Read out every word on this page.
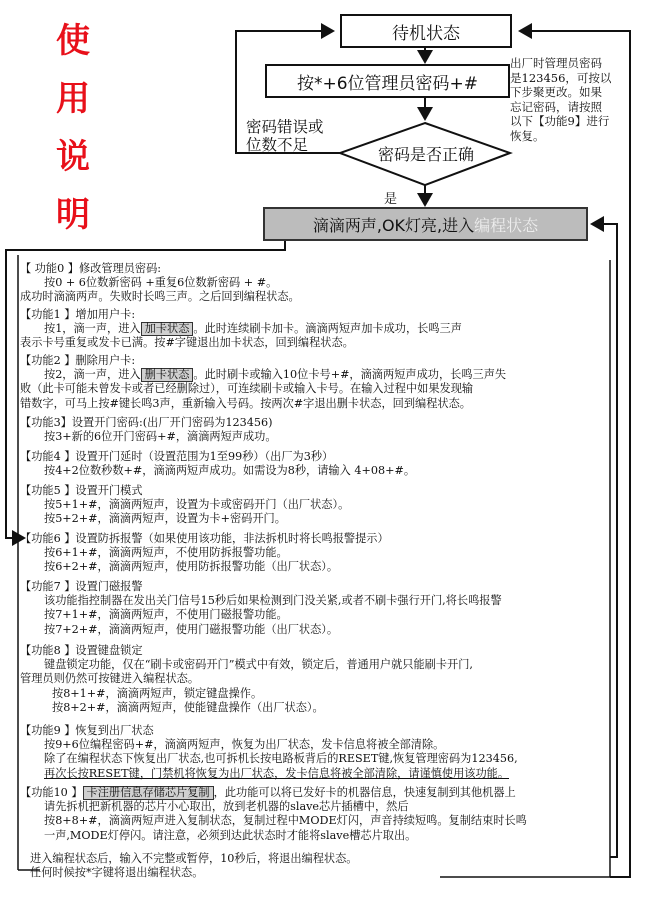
使
用
说
明
待机状态
按*+6位管理员密码+#
密码是否正确
密码错误或
位数不足
是
滴滴两声,OK灯亮,进入 编程状态
出厂时管理员密码
是123456，可按以
下步聚更改。如果
忘记密码，请按照
以下【功能9】进行
恢复。

【 功能0 】修改管理员密码:

按0 + 6位数新密码 +重复6位数新密码 + #。

成功时滴滴两声。失败时长鸣三声。之后回到编程状态。

【功能1 】增加用户卡:

按1，滴一声，进入 加卡状态 。此时连续刷卡加卡。滴滴两短声加卡成功，长鸣三声

表示卡号重复或发卡已满。按#字键退出加卡状态，回到编程状态。

【功能2 】删除用户卡:

按2，滴一声，进入 删卡状态 。此时刷卡或输入10位卡号+#，滴滴两短声成功，长鸣三声失

败（此卡可能未曾发卡或者已经删除过），可连续刷卡或输入卡号。在输入过程中如果发现输

错数字，可马上按#键长鸣3声，重新输入号码。按两次#字退出删卡状态，回到编程状态。

【功能3】设置开门密码:(出厂开门密码为123456)

按3+新的6位开门密码+#，滴滴两短声成功。

【功能4 】设置开门延时（设置范围为1至99秒）（出厂为3秒）

按4+2位数秒数+#，滴滴两短声成功。如需设为8秒，请输入 4+08+#。

【功能5 】设置开门模式

按5+1+#，滴滴两短声，设置为卡或密码开门（出厂状态）。

按5+2+#，滴滴两短声，设置为卡+密码开门。

【功能6 】设置防拆报警（如果使用该功能，非法拆机时将长鸣报警提示）

按6+1+#，滴滴两短声，不使用防拆报警功能。

按6+2+#，滴滴两短声，使用防拆报警功能（出厂状态）。

【功能7 】设置门磁报警

该功能指控制器在发出关门信号15秒后如果检测到门没关紧,或者不刷卡强行开门,将长鸣报警

按7+1+#，滴滴两短声，不使用门磁报警功能。

按7+2+#，滴滴两短声，使用门磁报警功能（出厂状态）。

【功能8 】设置键盘锁定

键盘锁定功能，仅在“刷卡或密码开门”模式中有效，锁定后，普通用户就只能刷卡开门,

管理员则仍然可按键进入编程状态。

按8+1+#，滴滴两短声，锁定键盘操作。

按8+2+#，滴滴两短声，使能键盘操作（出厂状态）。

【功能9 】恢复到出厂状态

按9+6位编程密码+#，滴滴两短声，恢复为出厂状态，发卡信息将被全部清除。

除了在编程状态下恢复出厂状态,也可拆机长按电路板背后的RESET键,恢复管理密码为123456,

再次长按RESET键，门禁机将恢复为出厂状态，发卡信息将被全部清除，请谨慎使用该功能。

【功能10 】 卡注册信息存储芯片复制 ，此功能可以将已发好卡的机器信息，快速复制到其他机器上

请先拆机把新机器的芯片小心取出，放到老机器的slave芯片插槽中，然后

按8+8+#，滴滴两短声进入复制状态，复制过程中MODE灯闪，声音持续短鸣。复制结束时长鸣

一声,MODE灯停闪。请注意，必须到达此状态时才能将slave槽芯片取出。

进入编程状态后，输入不完整或暂停，10秒后，将退出编程状态。

任何时候按*字键将退出编程状态。
